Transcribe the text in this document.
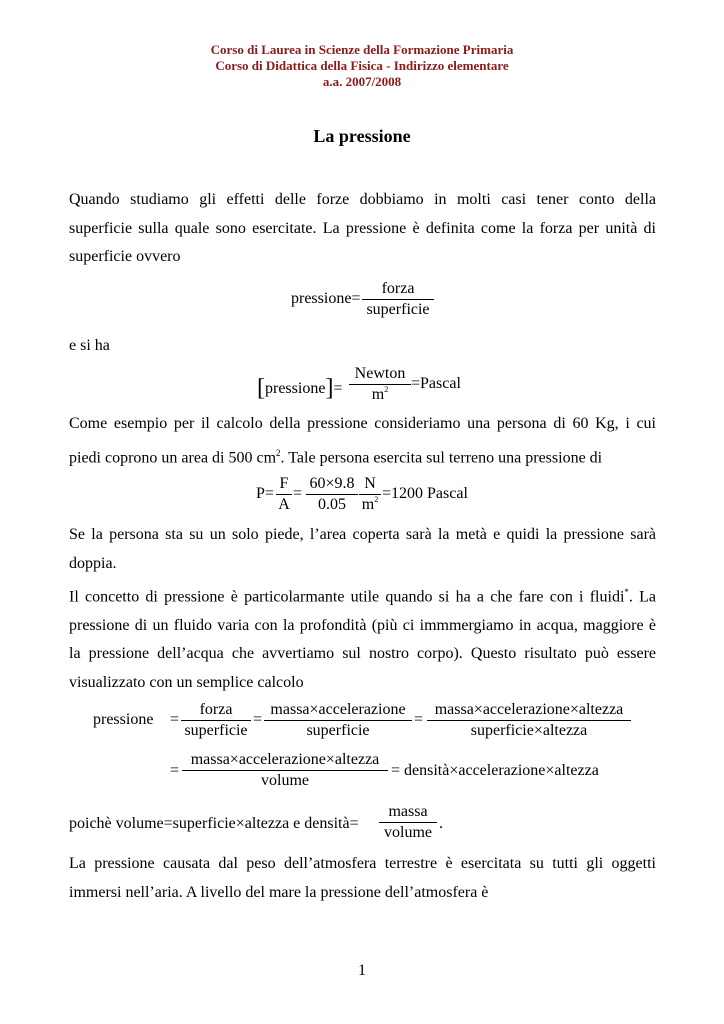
Corso di Laurea in Scienze della Formazione Primaria
Corso di Didattica della Fisica - Indirizzo elementare
a.a. 2007/2008
La pressione
Quando studiamo gli effetti delle forze dobbiamo in molti casi tener conto della
superficie sulla quale sono esercitate. La pressione è definita come la forza per unità di
superficie ovvero
pressione=
forza
superficie
e si ha
[pressione]=
Newton
$m^2$ =Pascal
Come esempio per il calcolo della pressione consideriamo una persona di 60 Kg, i cui
piedi coprono un area di 500 $cm^2$. Tale persona esercita sul terreno una pressione di
P=
F
A
=
60×9.8
0.05
N
$m^2 =1200$ Pascal
Se la persona sta su un solo piede, l’area coperta sarà la metà e quidi la pressione sarà
doppia.
Il concetto di pressione è particolarmante utile quando si ha a che fare con i fluidi*. La
pressione di un fluido varia con la profondità (più ci immmergiamo in acqua, maggiore è
la pressione dell’acqua che avvertiamo sul nostro corpo). Questo risultato può essere
visualizzato con un semplice calcolo
pressione =
forza
superficie
=
massa×accelerazione
superficie
=
massa×accelerazione×altezza
superficie×altezza
=
massa×accelerazione×altezza
volume
= densità×accelerazione×altezza
poichè volume=superficie×altezza e densità=
massa
volume
.
La pressione causata dal peso dell’atmosfera terrestre è esercitata su tutti gli oggetti
immersi nell’aria. A livello del mare la pressione dell’atmosfera è
1
